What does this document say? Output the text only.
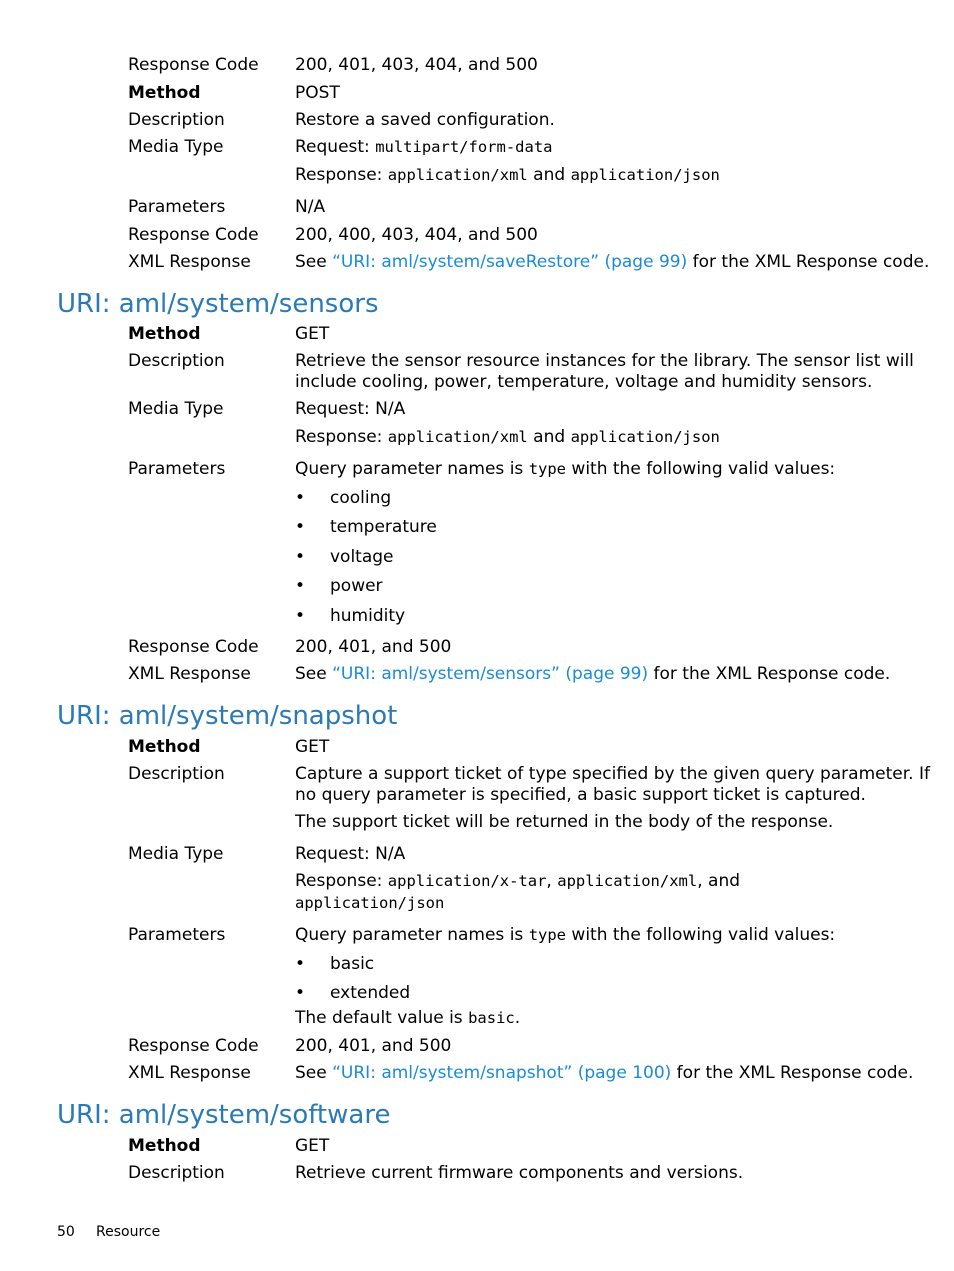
Response Code 200, 401, 403, 404, and 500
Method	POST
Description	Restore a saved configuration.
Media Type	Request: multipart/form-data
Response: application/xml and application/json
Parameters	N/A
Response Code 200, 400, 403, 404, and 500
XML Response	See “URI: aml/system/saveRestore” (page 99) for the XML Response code.
URI: aml/system/sensors
Method	GET
Description	Retrieve the sensor resource instances for the library. The sensor list will
include cooling, power, temperature, voltage and humidity sensors.
Media Type	Request: N/A
Response: application/xml and application/json
Parameters	Query parameter names is type with the following valid values:
• cooling
• temperature
• voltage
• power
• humidity
Response Code 200, 401, and 500
XML Response	See “URI: aml/system/sensors” (page 99) for the XML Response code.
URI: aml/system/snapshot
Method	GET
Description	Capture a support ticket of type specified by the given query parameter. If
no query parameter is specified, a basic support ticket is captured.
The support ticket will be returned in the body of the response.
Media Type	Request: N/A
Response: application/x-tar, application/xml, and
application/json
Parameters	Query parameter names is type with the following valid values:
• basic
• extended
The default value is basic.
Response Code 200, 401, and 500
XML Response	See “URI: aml/system/snapshot” (page 100) for the XML Response code.
URI: aml/system/software
Method	GET
Description	Retrieve current firmware components and versions.
50 Resource
